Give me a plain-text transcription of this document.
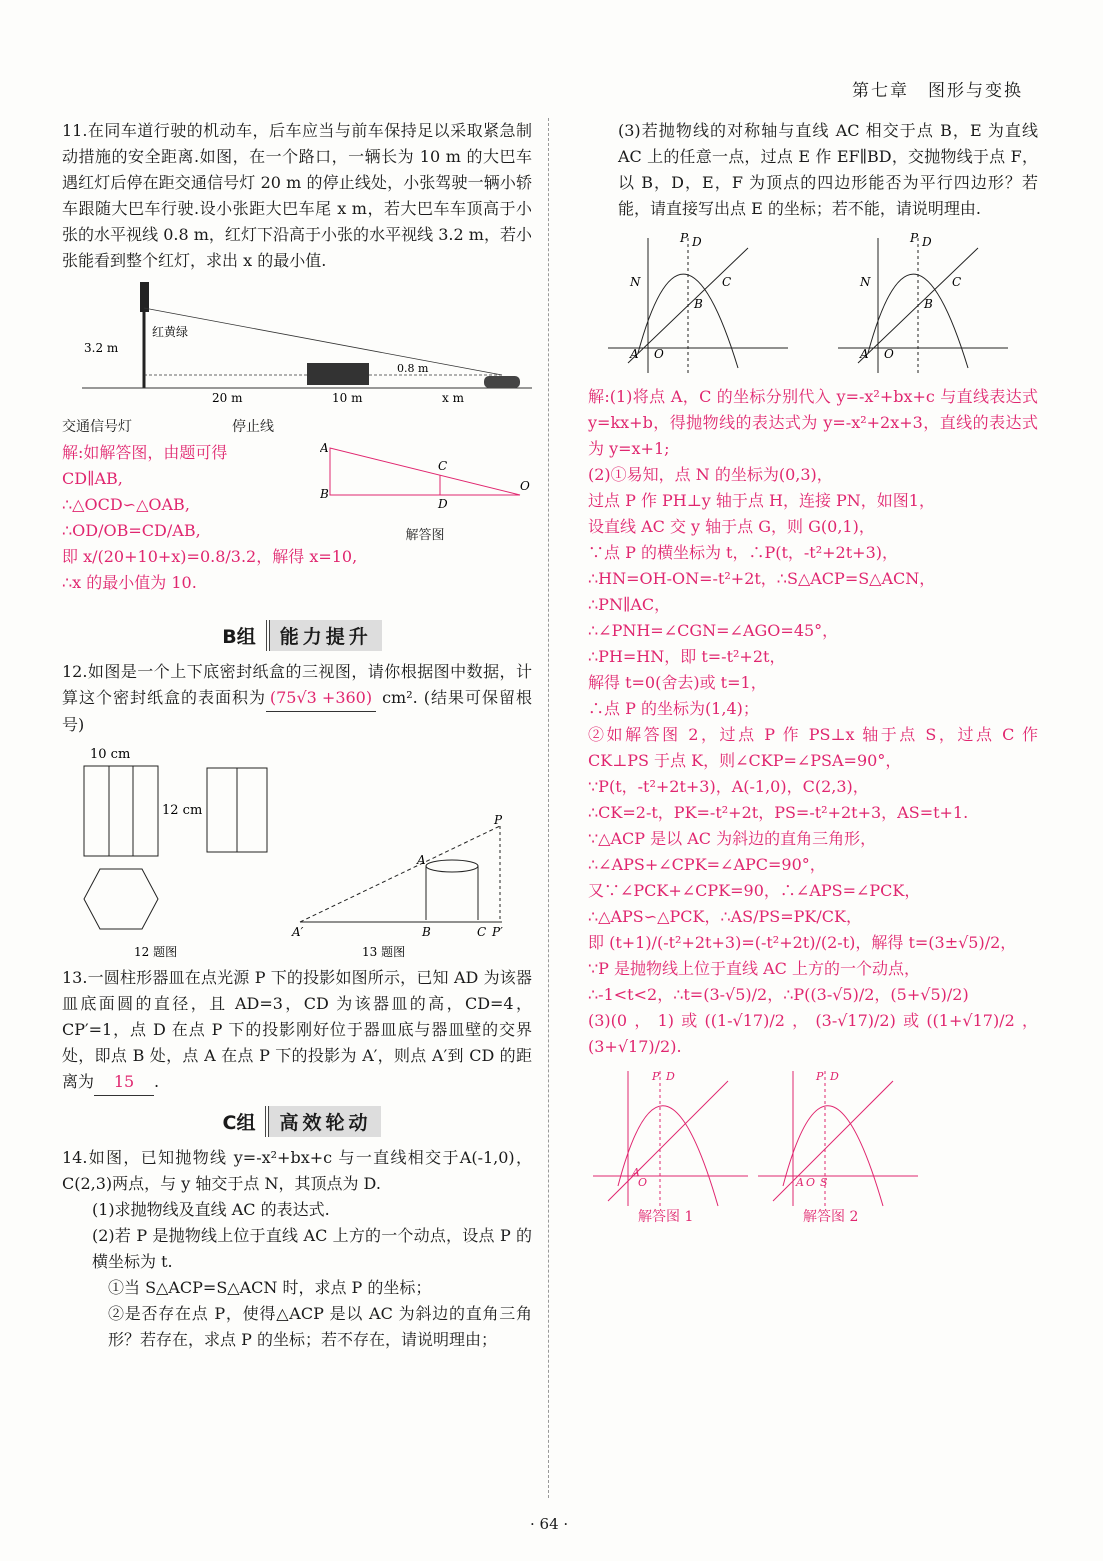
第七章　图形与变换

11.在同车道行驶的机动车，后车应当与前车保持足以采取紧急制动措施的安全距离.如图，在一个路口，一辆长为 10 m 的大巴车遇红灯后停在距交通信号灯 20 m 的停止线处，小张驾驶一辆小轿车跟随大巴车行驶.设小张距大巴车尾 x m，若大巴车车顶高于小张的水平视线 0.8 m，红灯下沿高于小张的水平视线 3.2 m，若小张能看到整个红灯，求出 x 的最小值.

3.2 m
红黄绿
0.8 m
20 m	10 m	x m

交通信号灯	停止线

解:如解答图，由题可得

CD∥AB,

∴△OCD∽△OAB,

∴OD/OB=CD/AB,

A
B
C
D
O
解答图

即 x/(20+10+x)=0.8/3.2，解得 x=10,

∴x 的最小值为 10.

B组 能力提升

12.如图是一个上下底密封纸盒的三视图，请你根据图中数据，计算这个密封纸盒的表面积为 (75√3 +360) cm². (结果可保留根号)

10 cm
12 cm
A′
A
B	C P′
P
12 题图	13 题图

13.一圆柱形器皿在点光源 P 下的投影如图所示，已知 AD 为该器皿底面圆的直径，且 AD=3，CD 为该器皿的高，CD=4，CP′=1，点 D 在点 P 下的投影刚好位于器皿底与器皿壁的交界处，即点 B 处，点 A 在点 P 下的投影为 A′，则点 A′到 CD 的距离为 15 .

C组 高效轮动

14.如图，已知抛物线 y=-x²+bx+c 与一直线相交于A(-1,0)，C(2,3)两点，与 y 轴交于点 N，其顶点为 D.

(1)求抛物线及直线 AC 的表达式.

(2)若 P 是抛物线上位于直线 AC 上方的一个动点，设点 P 的横坐标为 t.

①当 S△ACP=S△ACN 时，求点 P 的坐标；

②是否存在点 P，使得△ACP 是以 AC 为斜边的直角三角形？若存在，求点 P 的坐标；若不存在，请说明理由；

(3)若抛物线的对称轴与直线 AC 相交于点 B，E 为直线 AC 上的任意一点，过点 E 作 EF∥BD，交抛物线于点 F，以 B，D，E，F 为顶点的四边形能否为平行四边形？若能，请直接写出点 E 的坐标；若不能，请说明理由.

P D
N	C
B
A O
P D
N	C
B
A O

解:(1)将点 A，C 的坐标分别代入 y=-x²+bx+c 与直线表达式 y=kx+b，得抛物线的表达式为 y=-x²+2x+3，直线的表达式为 y=x+1;

(2)①易知，点 N 的坐标为(0,3)，

过点 P 作 PH⊥y 轴于点 H，连接 PN，如图1，

设直线 AC 交 y 轴于点 G，则 G(0,1)，

∵点 P 的横坐标为 t，∴P(t，-t²+2t+3)，

∴HN=OH-ON=-t²+2t，∴S△ACP=S△ACN，

∴PN∥AC，

∴∠PNH=∠CGN=∠AGO=45°，

∴PH=HN，即 t=-t²+2t，

解得 t=0(舍去)或 t=1，

∴点 P 的坐标为(1,4)；

②如解答图 2，过点 P 作 PS⊥x 轴于点 S，过点 C 作 CK⊥PS 于点 K，则∠CKP=∠PSA=90°，

∵P(t，-t²+2t+3)，A(-1,0)，C(2,3)，

∴CK=2-t，PK=-t²+2t，PS=-t²+2t+3，AS=t+1.

∵△ACP 是以 AC 为斜边的直角三角形，

∴∠APS+∠CPK=∠APC=90°，

又∵∠PCK+∠CPK=90，∴∠APS=∠PCK，

∴△APS∽△PCK，∴AS/PS=PK/CK，

即 (t+1)/(-t²+2t+3)=(-t²+2t)/(2-t)，解得 t=(3±√5)/2，

∵P 是抛物线上位于直线 AC 上方的一个动点，

∴-1<t<2，∴t=(3-√5)/2，∴P((3-√5)/2，(5+√5)/2)

(3)(0，1)或((1-√17)/2，(3-√17)/2)或((1+√17)/2，(3+√17)/2).

P D
A
O
P D
A O S
解答图 1	解答图 2
· 64 ·
